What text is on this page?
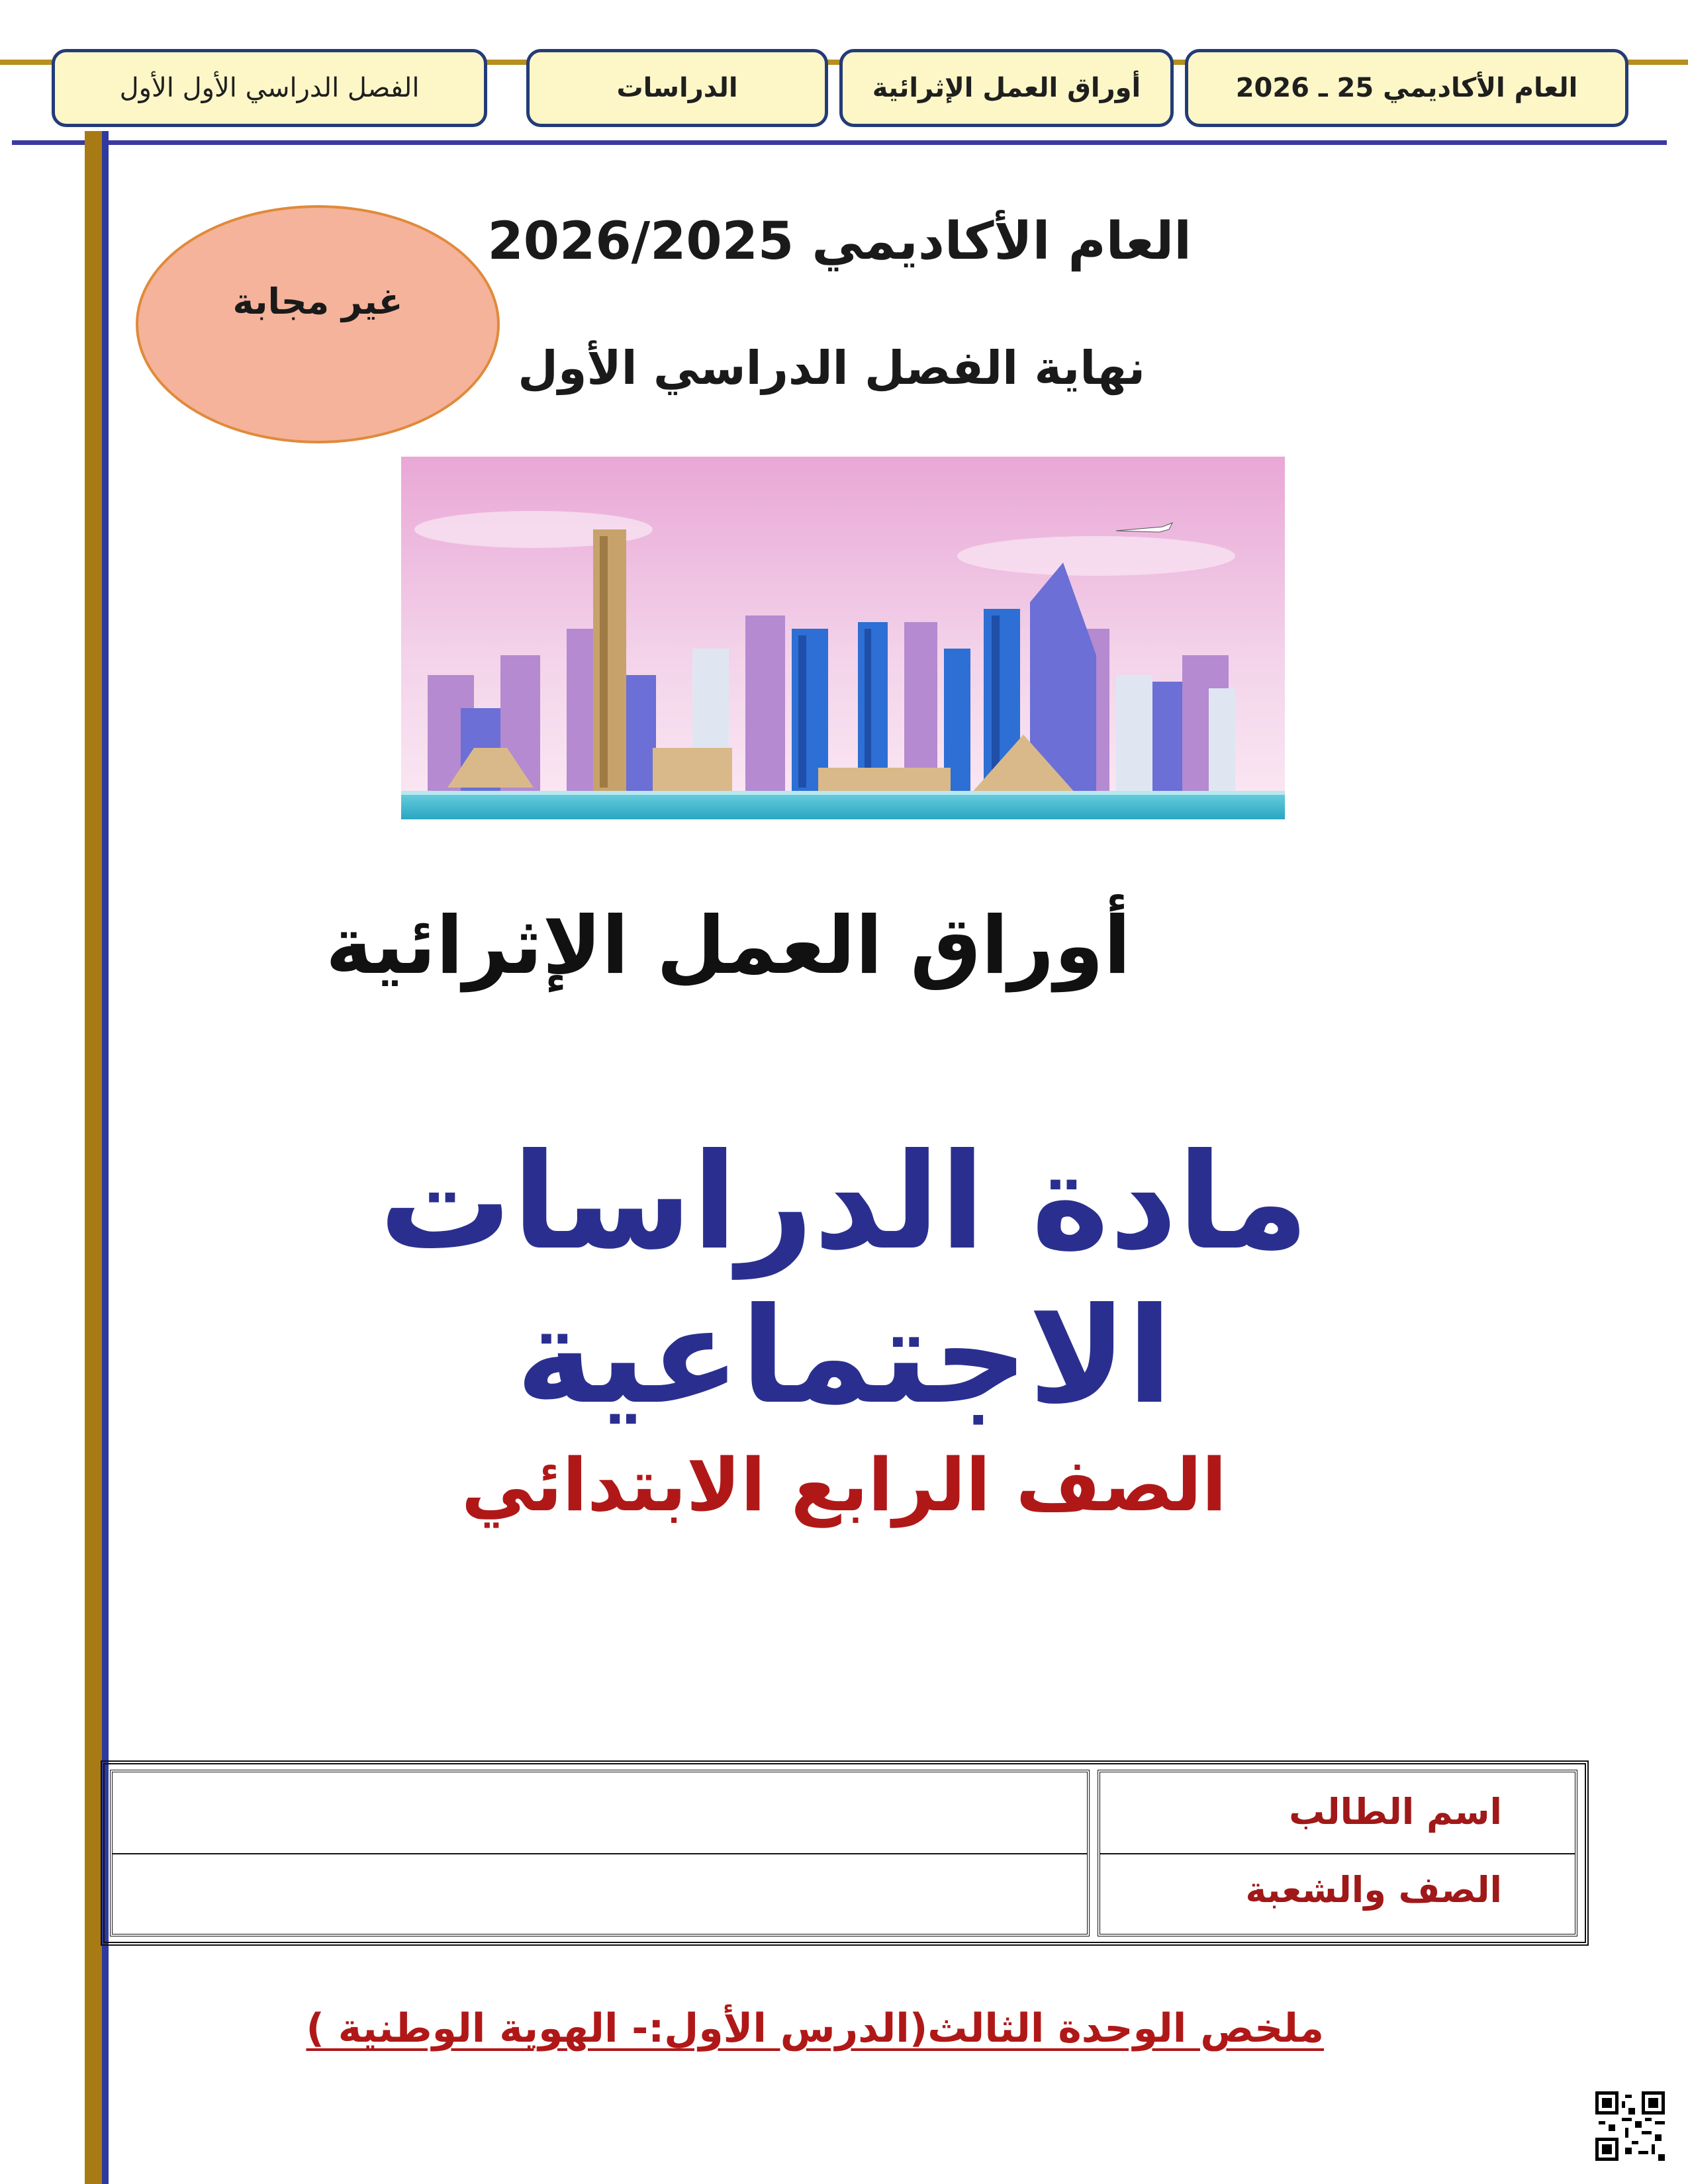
العام الأكاديمي 25 ـ 2026
أوراق العمل الإثرائية
الدراسات
الفصل الدراسي الأول الأول
غير مجابة
العام الأكاديمي 2026/2025
نهاية الفصل الدراسي الأول
أوراق العمل الإثرائية
مادة الدراسات الاجتماعية
الصف الرابع الابتدائي
اسم الطالب
الصف والشعبة
ملخص الوحدة الثالث(الدرس الأول:- الهوية الوطنية )
